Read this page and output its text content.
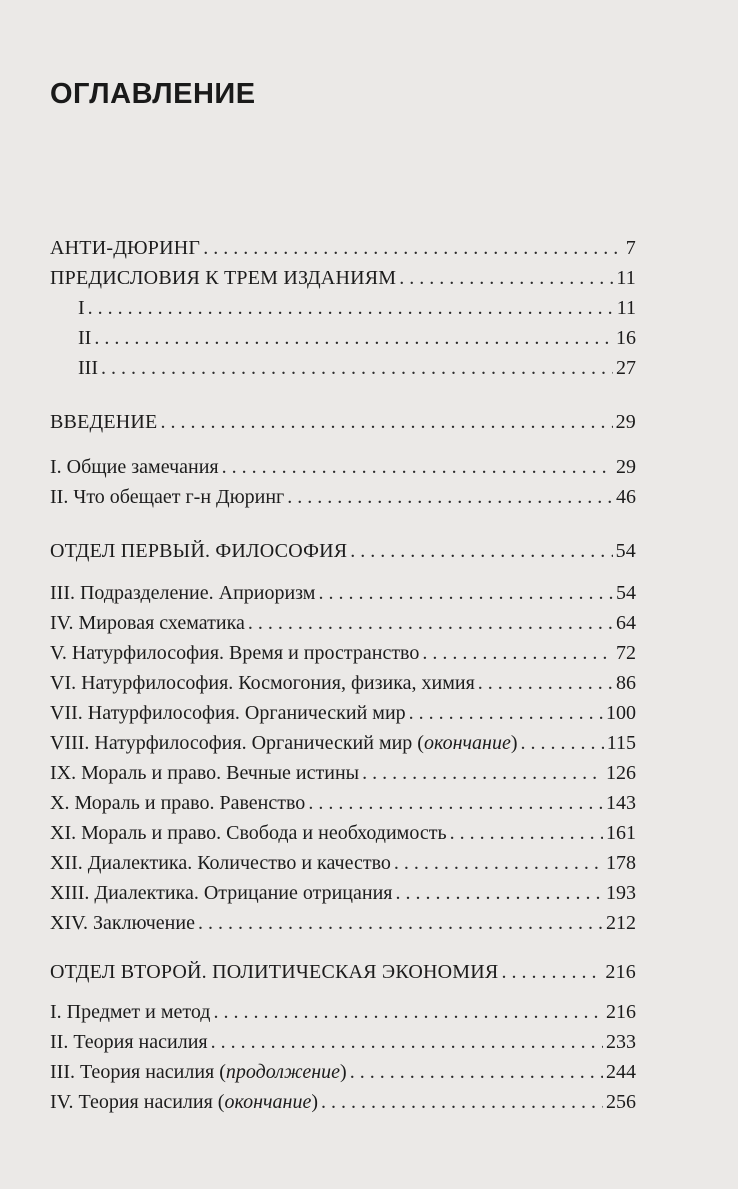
ОГЛАВЛЕНИЕ
АНТИ-ДЮРИНГ . . .	7
ПРЕДИСЛОВИЯ К ТРЕМ ИЗДАНИЯМ . . .	11
I . . .	11
II . . .	16
III . . .	27
ВВЕДЕНИЕ . . .	29
I. Общие замечания . . .	29
II. Что обещает г-н Дюринг . . .	46
ОТДЕЛ ПЕРВЫЙ. ФИЛОСОФИЯ . . .	54
III. Подразделение. Априоризм . . .	54
IV. Мировая схематика . . .	64
V. Натурфилософия. Время и пространство . . .	72
VI. Натурфилософия. Космогония, физика, химия . . .	86
VII. Натурфилософия. Органический мир . . .	100
VIII. Натурфилософия. Органический мир (окончание) . . .	115
IX. Мораль и право. Вечные истины . . .	126
X. Мораль и право. Равенство . . .	143
XI. Мораль и право. Свобода и необходимость . . .	161
XII. Диалектика. Количество и качество . . .	178
XIII. Диалектика. Отрицание отрицания . . .	193
XIV. Заключение . . .	212
ОТДЕЛ ВТОРОЙ. ПОЛИТИЧЕСКАЯ ЭКОНОМИЯ . . .	216
I. Предмет и метод . . .	216
II. Теория насилия . . .	233
III. Теория насилия (продолжение) . . .	244
IV. Теория насилия (окончание) . . .	256
